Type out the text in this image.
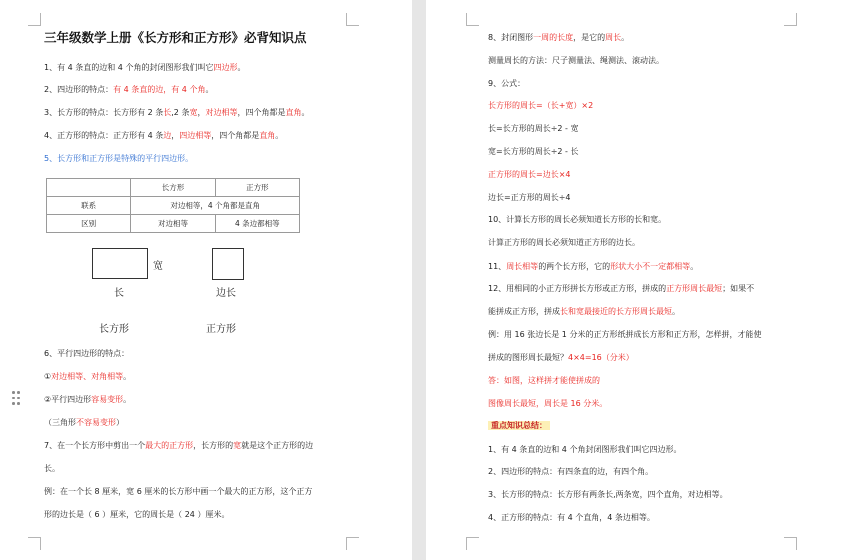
三年级数学上册《长方形和正方形》必背知识点
1、有 4 条直的边和 4 个角的封闭图形我们叫它四边形。
2、四边形的特点：有 4 条直的边，有 4 个角。
3、长方形的特点：长方形有 2 条长,2 条宽，对边相等，四个角都是直角。
4、正方形的特点：正方形有 4 条边，四边相等，四个角都是直角。
5、长方形和正方形是特殊的平行四边形。
	长方形	正方形
联系	对边相等，4 个角都是直角	
区别	对边相等	4 条边都相等
宽
长	边长
长方形	正方形
6、平行四边形的特点：
①对边相等、对角相等。
②平行四边形容易变形。
（三角形不容易变形）
7、在一个长方形中剪出一个最大的正方形，长方形的宽就是这个正方形的边
长。
例：在一个长 8 厘米，宽 6 厘米的长方形中画一个最大的正方形，这个正方
形的边长是（ 6 ）厘米，它的周长是（ 24 ）厘米。
8、封闭图形一周的长度，是它的周长。
测量周长的方法：尺子测量法、绳测法、滚动法。
9、公式：
长方形的周长=（长+宽）×2
长=长方形的周长÷2 - 宽
宽=长方形的周长÷2 - 长
正方形的周长=边长×4
边长=正方形的周长÷4
10、计算长方形的周长必须知道长方形的长和宽。
计算正方形的周长必须知道正方形的边长。
11、周长相等的两个长方形，它的形状大小不一定都相等。
12、用相同的小正方形拼长方形或正方形，拼成的正方形周长最短；如果不
能拼成正方形，拼成长和宽最接近的长方形周长最短。
例：用 16 张边长是 1 分米的正方形纸拼成长方形和正方形，怎样拼，才能使
拼成的图形周长最短？4×4=16（分米）
答：如图，这样拼才能使拼成的
图像周长最短，周长是 16 分米。
重点知识总结：
1、有 4 条直的边和 4 个角封闭图形我们叫它四边形。
2、四边形的特点：有四条直的边，有四个角。
3、长方形的特点：长方形有两条长,两条宽，四个直角，对边相等。
4、正方形的特点：有 4 个直角，4 条边相等。
